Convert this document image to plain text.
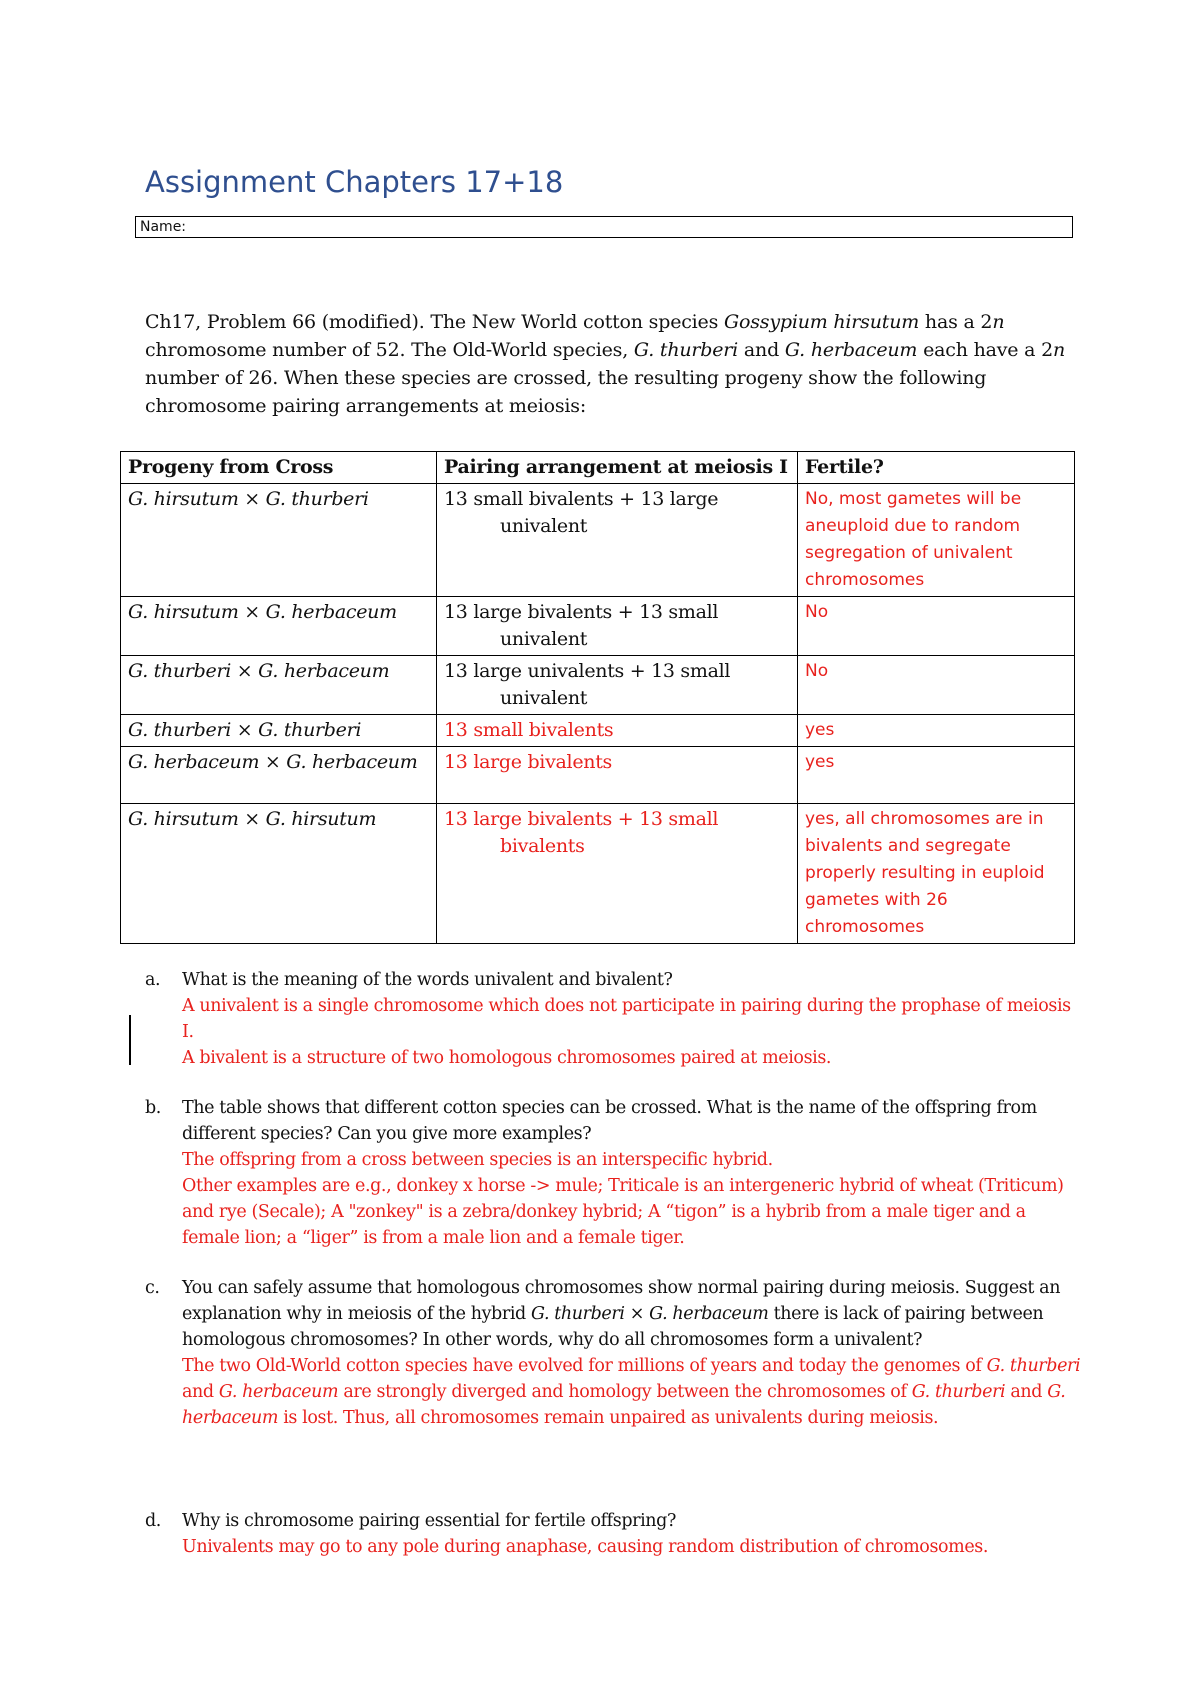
Assignment Chapters 17+18
Name:
Ch17, Problem 66 (modified). The New World cotton species Gossypium hirsutum has a 2n chromosome number of 52. The Old-World species, G. thurberi and G. herbaceum each have a 2n number of 26. When these species are crossed, the resulting progeny show the following chromosome pairing arrangements at meiosis:
Progeny from Cross	Pairing arrangement at meiosis I	Fertile?
G. hirsutum × G. thurberi	13 small bivalents + 13 large univalent	No, most gametes will be aneuploid due to random segregation of univalent chromosomes
G. hirsutum × G. herbaceum	13 large bivalents + 13 small univalent	No
G. thurberi × G. herbaceum	13 large univalents + 13 small univalent	No
G. thurberi × G. thurberi	13 small bivalents	yes

G. herbaceum × G. herbaceum	13 large bivalents	yes
G. hirsutum × G. hirsutum	13 large bivalents + 13 small bivalents	yes, all chromosomes are in bivalents and segregate properly resulting in euploid gametes with 26 chromosomes
a. What is the meaning of the words univalent and bivalent?

A univalent is a single chromosome which does not participate in pairing during the prophase of meiosis I.

A bivalent is a structure of two homologous chromosomes paired at meiosis.

b. The table shows that different cotton species can be crossed. What is the name of the offspring from different species? Can you give more examples?

The offspring from a cross between species is an interspecific hybrid.

Other examples are e.g., donkey x horse -> mule; Triticale is an intergeneric hybrid of wheat (Triticum) and rye (Secale); A "zonkey" is a zebra/donkey hybrid; A “tigon” is a hybrib from a male tiger and a female lion; a “liger” is from a male lion and a female tiger.

c. You can safely assume that homologous chromosomes show normal pairing during meiosis. Suggest an explanation why in meiosis of the hybrid G. thurberi × G. herbaceum there is lack of pairing between homologous chromosomes? In other words, why do all chromosomes form a univalent?

The two Old-World cotton species have evolved for millions of years and today the genomes of G. thurberi and G. herbaceum are strongly diverged and homology between the chromosomes of G. thurberi and G. herbaceum is lost. Thus, all chromosomes remain unpaired as univalents during meiosis.

d. Why is chromosome pairing essential for fertile offspring?

Univalents may go to any pole during anaphase, causing random distribution of chromosomes.
